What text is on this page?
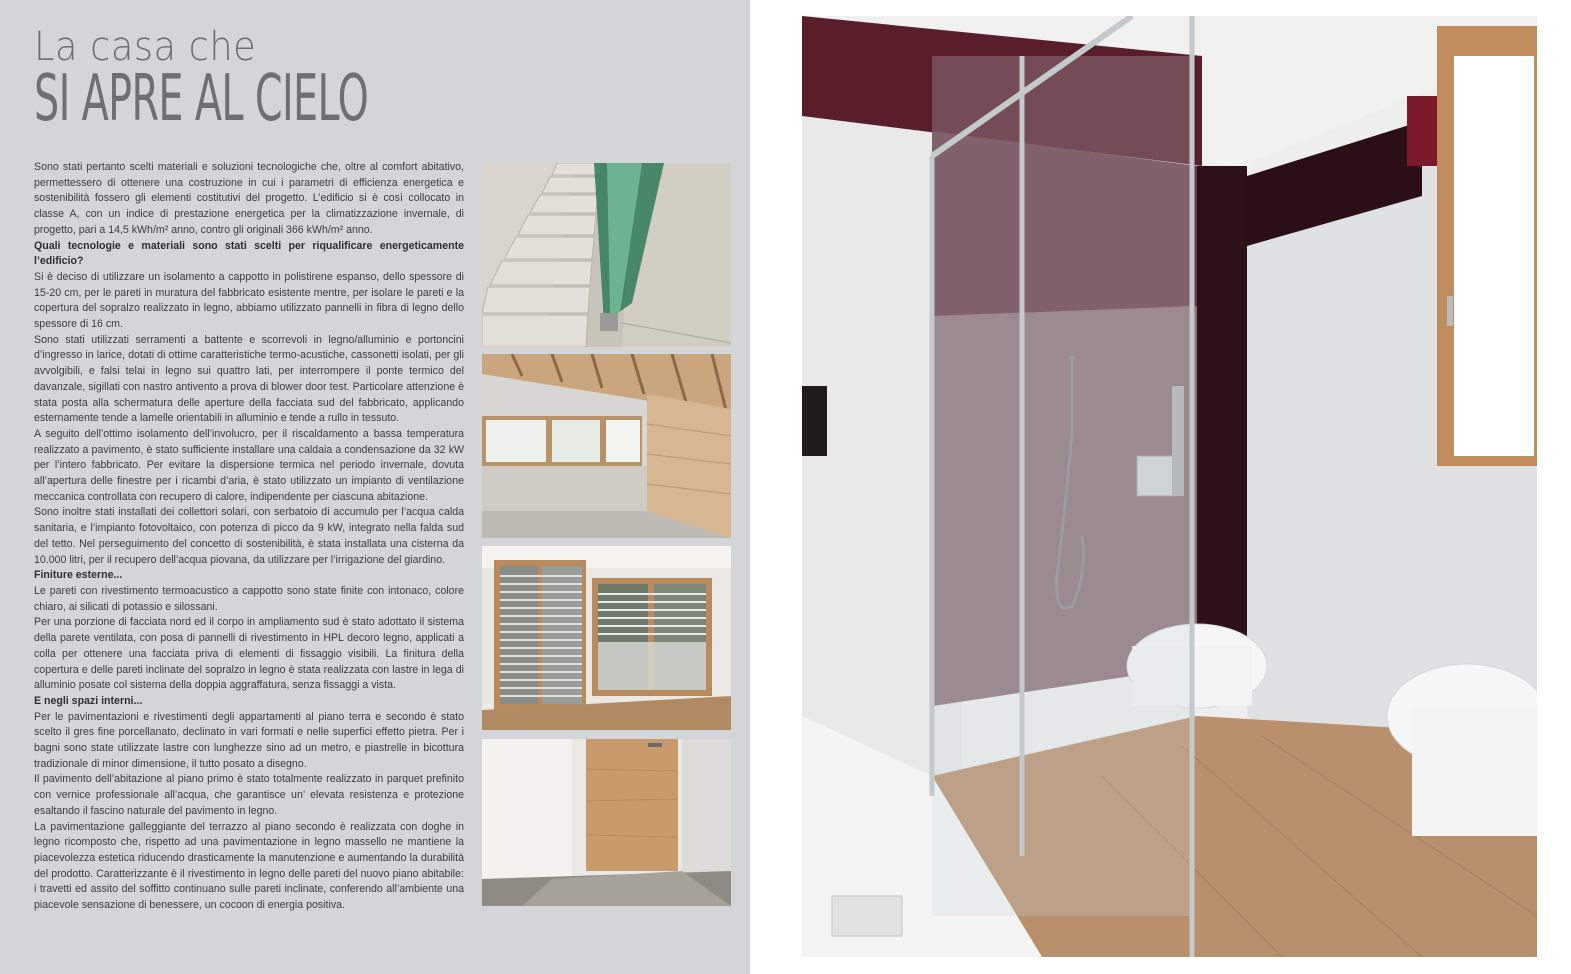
La casa che
SI APRE AL CIELO

Sono stati pertanto scelti materiali e soluzioni tecnologiche che, oltre al comfort abitativo, permettessero di ottenere una costruzione in cui i parametri di efficienza energetica e sostenibilità fossero gli elementi costitutivi del progetto. L’edificio si è così collocato in classe A, con un indice di prestazione energetica per la climatizzazione invernale, di progetto, pari a 14,5 kWh/m² anno, contro gli originali 366 kWh/m² anno.

Quali tecnologie e materiali sono stati scelti per riqualificare energeticamente l’edificio?

Si è deciso di utilizzare un isolamento a cappotto in polistirene espanso, dello spessore di 15-20 cm, per le pareti in muratura del fabbricato esistente mentre, per isolare le pareti e la copertura del sopralzo realizzato in legno, abbiamo utilizzato pannelli in fibra di legno dello spessore di 16 cm.

Sono stati utilizzati serramenti a battente e scorrevoli in legno/alluminio e portoncini d’ingresso in larice, dotati di ottime caratteristiche termo-acustiche, cassonetti isolati, per gli avvolgibili, e falsi telai in legno sui quattro lati, per interrompere il ponte termico del davanzale, sigillati con nastro antivento a prova di blower door test. Particolare attenzione è stata posta alla schermatura delle aperture della facciata sud del fabbricato, applicando esternamente tende a lamelle orientabili in alluminio e tende a rullo in tessuto.

A seguito dell’ottimo isolamento dell’involucro, per il riscaldamento a bassa temperatura realizzato a pavimento, è stato sufficiente installare una caldaia a condensazione da 32 kW per l’intero fabbricato. Per evitare la dispersione termica nel periodo invernale, dovuta all’apertura delle finestre per i ricambi d’aria, è stato utilizzato un impianto di ventilazione meccanica controllata con recupero di calore, indipendente per ciascuna abitazione.

Sono inoltre stati installati dei collettori solari, con serbatoio di accumulo per l’acqua calda sanitaria, e l’impianto fotovoltaico, con potenza di picco da 9 kW, integrato nella falda sud del tetto. Nel perseguimento del concetto di sostenibilità, è stata installata una cisterna da 10.000 litri, per il recupero dell’acqua piovana, da utilizzare per l’irrigazione del giardino.

Finiture esterne...

Le pareti con rivestimento termoacustico a cappotto sono state finite con intonaco, colore chiaro, ai silicati di potassio e silossani.

Per una porzione di facciata nord ed il corpo in ampliamento sud è stato adottato il sistema della parete ventilata, con posa di pannelli di rivestimento in HPL decoro legno, applicati a colla per ottenere una facciata priva di elementi di fissaggio visibili. La finitura della copertura e delle pareti inclinate del sopralzo in legno è stata realizzata con lastre in lega di alluminio posate col sistema della doppia aggraffatura, senza fissaggi a vista.

E negli spazi interni...

Per le pavimentazioni e rivestimenti degli appartamenti al piano terra e secondo è stato scelto il gres fine porcellanato, declinato in vari formati e nelle superfici effetto pietra. Per i bagni sono state utilizzate lastre con lunghezze sino ad un metro, e piastrelle in bicottura tradizionale di minor dimensione, il tutto posato a disegno.

Il pavimento dell’abitazione al piano primo è stato totalmente realizzato in parquet prefinito con vernice professionale all’acqua, che garantisce un’ elevata resistenza e protezione esaltando il fascino naturale del pavimento in legno.

La pavimentazione galleggiante del terrazzo al piano secondo è realizzata con doghe in legno ricomposto che, rispetto ad una pavimentazione in legno massello ne mantiene la piacevolezza estetica riducendo drasticamente la manutenzione e aumentando la durabilità del prodotto. Caratterizzante è il rivestimento in legno delle pareti del nuovo piano abitabile: i travetti ed assito del soffitto continuano sulle pareti inclinate, conferendo all’ambiente una piacevole sensazione di benessere, un cocoon di energia positiva.
